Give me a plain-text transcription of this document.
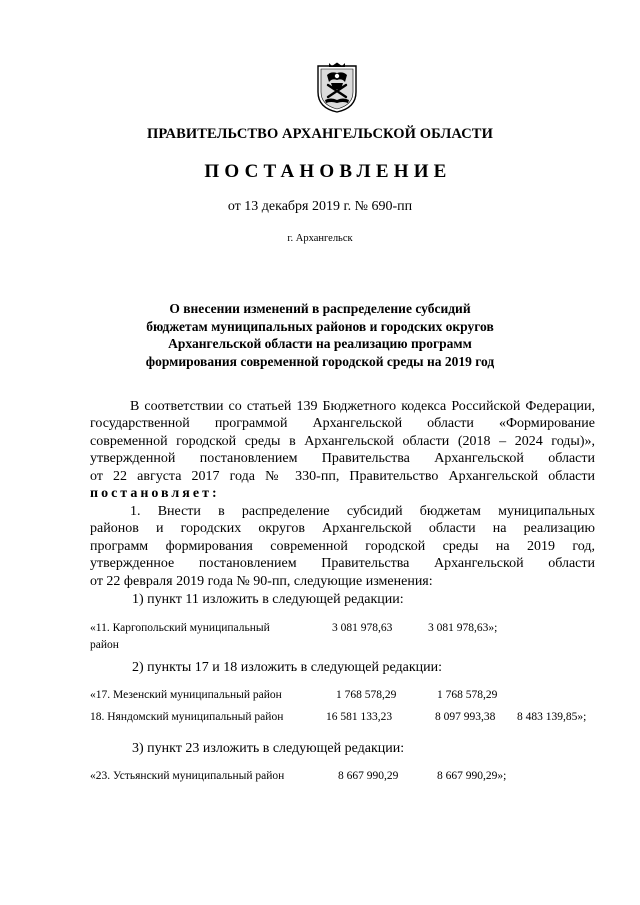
ПРАВИТЕЛЬСТВО АРХАНГЕЛЬСКОЙ ОБЛАСТИ
ПОСТАНОВЛЕНИЕ
от 13 декабря 2019 г. № 690-пп
г. Архангельск
О внесении изменений в распределение субсидий
бюджетам муниципальных районов и городских округов
Архангельской области на реализацию программ
формирования современной городской среды на 2019 год
В соответствии со статьей 139 Бюджетного кодекса Российской Федерации,
государственной программой Архангельской области «Формирование
современной городской среды в Архангельской области (2018 – 2024 годы)»,
утвержденной постановлением Правительства Архангельской области
от 22 августа 2017 года № 330-пп, Правительство Архангельской области
постановляет:
1. Внести в распределение субсидий бюджетам муниципальных
районов и городских округов Архангельской области на реализацию
программ формирования современной городской среды на 2019 год,
утвержденное постановлением Правительства Архангельской области
от 22 февраля 2019 года № 90-пп, следующие изменения:
1) пункт 11 изложить в следующей редакции:
«11. Каргопольский муниципальный
район
3 081 978,63	3 081 978,63»;
2) пункты 17 и 18 изложить в следующей редакции:
«17. Мезенский муниципальный район	1 768 578,29	1 768 578,29
18. Няндомский муниципальный район	16 581 133,23	8 097 993,38 8 483 139,85»;
3) пункт 23 изложить в следующей редакции:
«23. Устьянский муниципальный район	8 667 990,29	8 667 990,29»;
